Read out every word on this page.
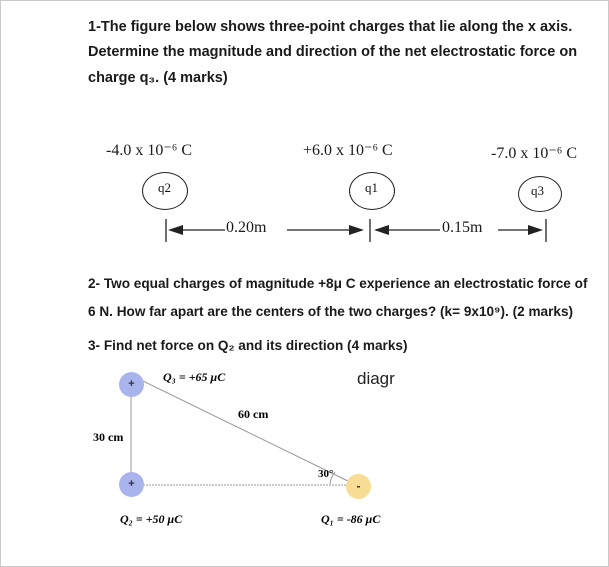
1-The figure below shows three-point charges that lie along the x axis.
Determine the magnitude and direction of the net electrostatic force on
charge q₃. (4 marks)
-4.0 x 10⁻⁶ C	+6.0 x 10⁻⁶ C	-7.0 x 10⁻⁶ C
q2	q1	q3
0.20m	0.15m
2- Two equal charges of magnitude +8μ C experience an electrostatic force of
6 N. How far apart are the centers of the two charges? (k= 9x10⁹). (2 marks)
3- Find net force on Q₂ and its direction (4 marks)
diagr
+
+	-
Q₃ = +65 μC
Q₂ = +50 μC	Q₁ = -86 μC
30 cm
60 cm
30°
